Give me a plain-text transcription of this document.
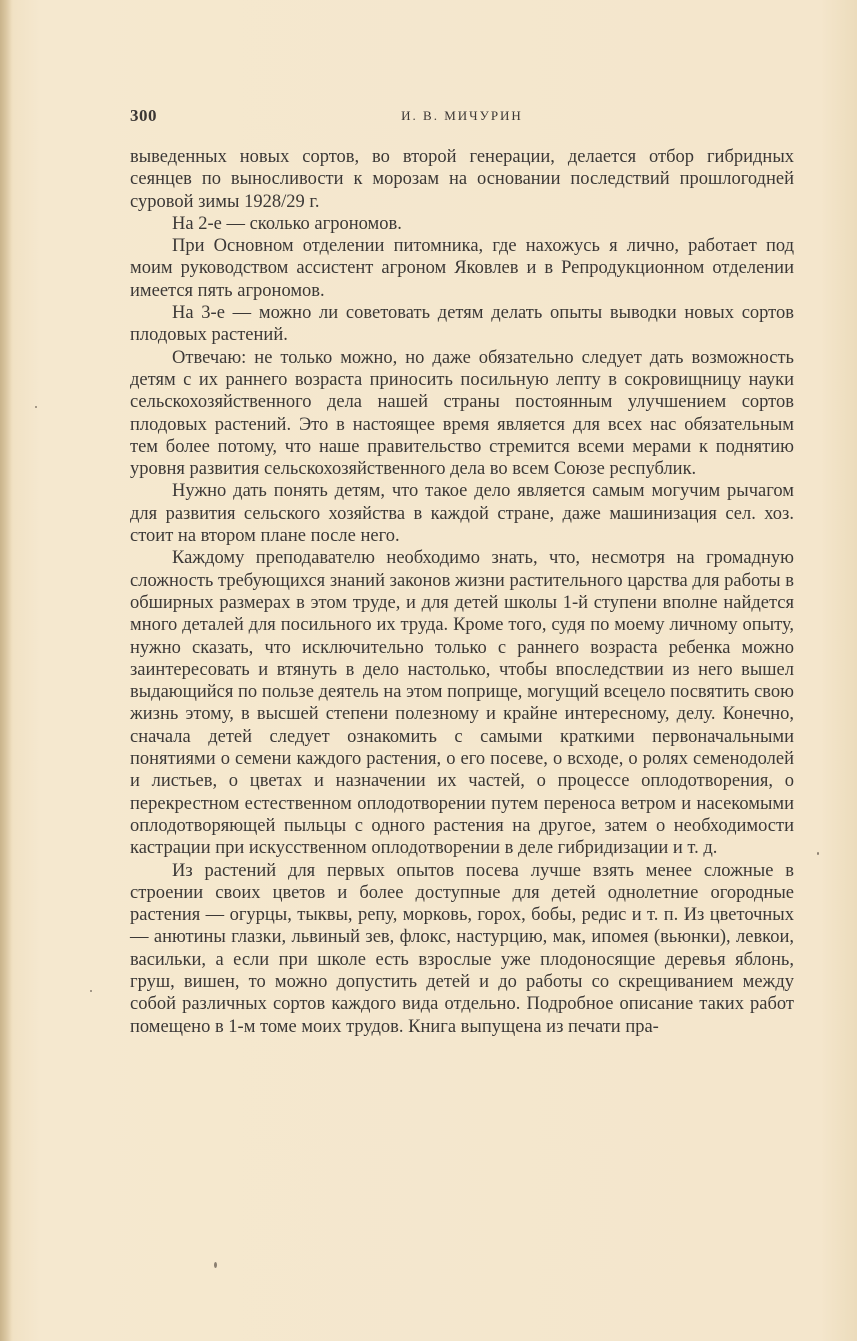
300	И. В. МИЧУРИН

выведенных новых сортов, во второй генерации, делается отбор гибридных сеянцев по выносливости к морозам на основании последствий прошлогодней суровой зимы 1928/29 г.

На 2-е — сколько агрономов.

При Основном отделении питомника, где нахожусь я лично, работает под моим руководством ассистент агроном Яковлев и в Репродукционном отделении имеется пять агрономов.

На 3-е — можно ли советовать детям делать опыты выводки новых сортов плодовых растений.

Отвечаю: не только можно, но даже обязательно следует дать возможность детям с их раннего возраста приносить посильную лепту в сокровищницу науки сельскохозяйственного дела нашей страны постоянным улучшением сортов плодовых растений. Это в настоящее время является для всех нас обязательным тем более потому, что наше правительство стремится всеми мерами к поднятию уровня развития сельскохозяйственного дела во всем Союзе республик.

Нужно дать понять детям, что такое дело является самым могучим рычагом для развития сельского хозяйства в каждой стране, даже машинизация сел. хоз. стоит на втором плане после него.

Каждому преподавателю необходимо знать, что, несмотря на громадную сложность требующихся знаний законов жизни растительного царства для работы в обширных размерах в этом труде, и для детей школы 1-й ступени вполне найдется много деталей для посильного их труда. Кроме того, судя по моему личному опыту, нужно сказать, что исключительно только с раннего возраста ребенка можно заинтересовать и втянуть в дело настолько, чтобы впоследствии из него вышел выдающийся по пользе деятель на этом поприще, могущий всецело посвятить свою жизнь этому, в высшей степени полезному и крайне интересному, делу. Конечно, сначала детей следует ознакомить с самыми краткими первоначальными понятиями о семени каждого растения, о его посеве, о всходе, о ролях семенодолей и листьев, о цветах и назначении их частей, о процессе оплодотворения, о перекрестном естественном оплодотворении путем переноса ветром и насекомыми оплодотворяющей пыльцы с одного растения на другое, затем о необходимости кастрации при искусственном оплодотворении в деле гибридизации и т. д.

Из растений для первых опытов посева лучше взять менее сложные в строении своих цветов и более доступные для детей однолетние огородные растения — огурцы, тыквы, репу, морковь, горох, бобы, редис и т. п. Из цветочных — анютины глазки, львиный зев, флокс, настурцию, мак, ипомея (вьюнки), левкои, васильки, а если при школе есть взрослые уже плодоносящие деревья яблонь, груш, вишен, то можно допустить детей и до работы со скрещиванием между собой различных сортов каждого вида отдельно. Подробное описание таких работ помещено в 1-м томе моих трудов. Книга выпущена из печати пра-
